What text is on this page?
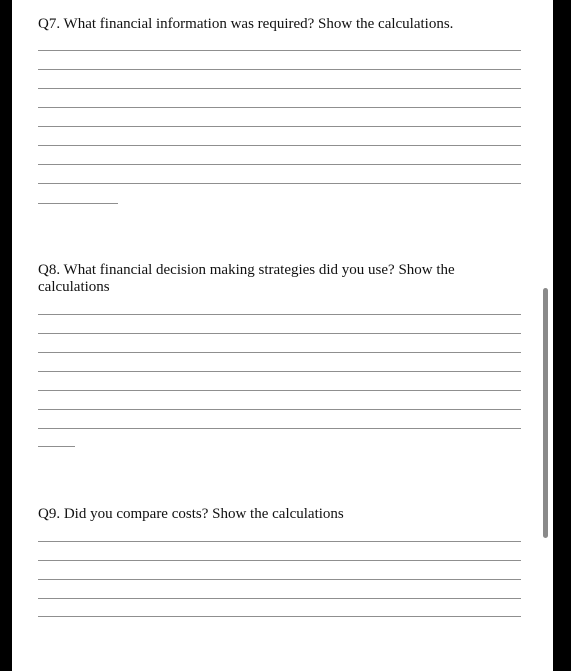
Q7. What financial information was required? Show the calculations.
Q8. What financial decision making strategies did you use? Show the calculations
Q9. Did you compare costs? Show the calculations
